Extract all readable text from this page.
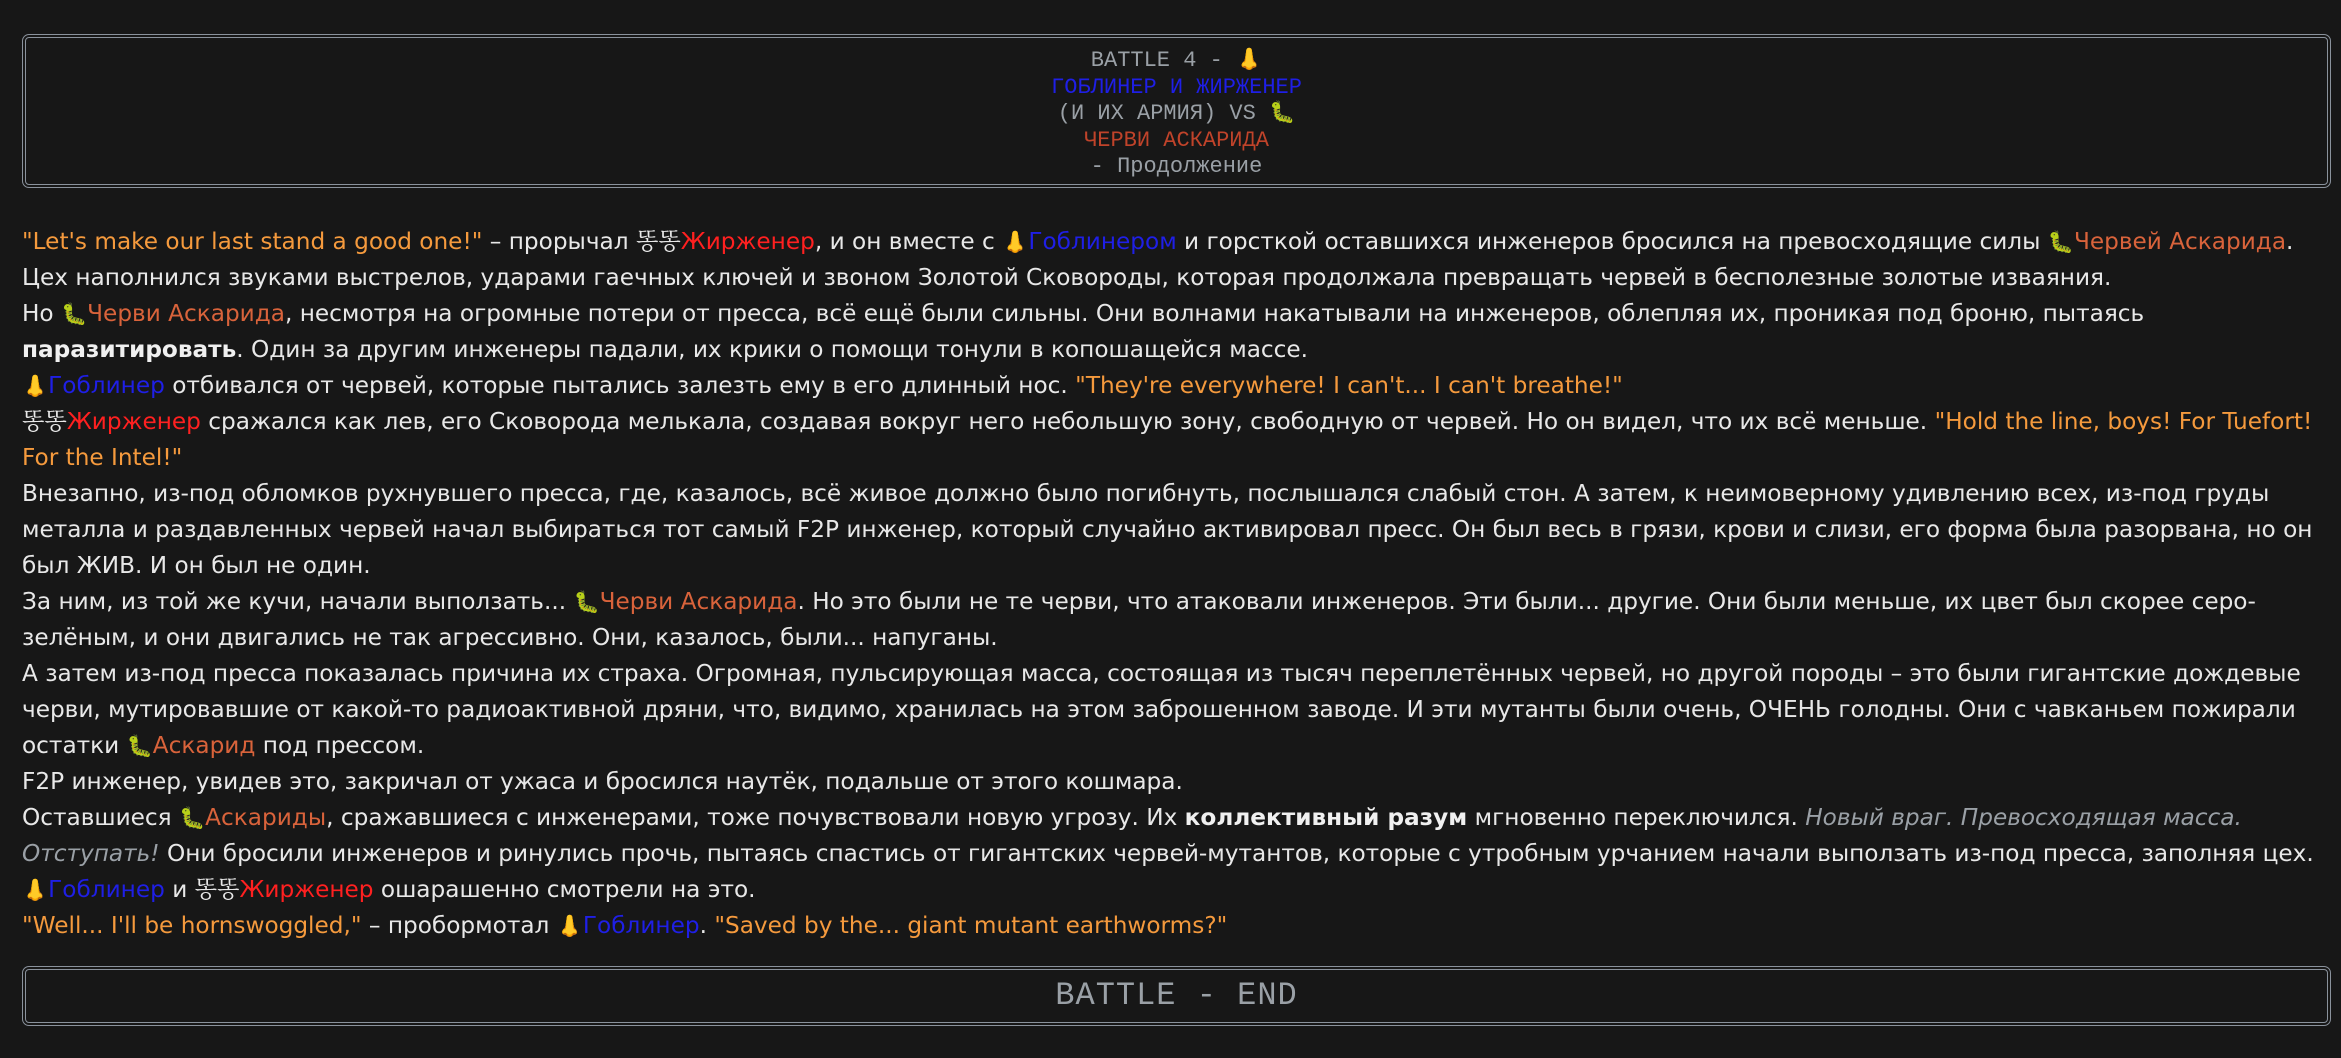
BATTLE 4 - 👃
ГОБЛИНЕР И ЖИРЖЕНЕР
(И ИХ АРМИЯ) VS 🐛
ЧЕРВИ АСКАРИДА
- Продолжение

"Let's make our last stand a good one!" – прорычал 똥똥Жирженер, и он вместе с 👃Гоблинером и горсткой оставшихся инженеров бросился на превосходящие силы 🐛Червей Аскарида. Цех наполнился звуками выстрелов, ударами гаечных ключей и звоном Золотой Сковороды, которая продолжала превращать червей в бесполезные золотые изваяния.

Но 🐛Черви Аскарида, несмотря на огромные потери от пресса, всё ещё были сильны. Они волнами накатывали на инженеров, облепляя их, проникая под броню, пытаясь паразитировать. Один за другим инженеры падали, их крики о помощи тонули в копошащейся массе.

👃Гоблинер отбивался от червей, которые пытались залезть ему в его длинный нос. "They're everywhere! I can't... I can't breathe!"

똥똥Жирженер сражался как лев, его Сковорода мелькала, создавая вокруг него небольшую зону, свободную от червей. Но он видел, что их всё меньше. "Hold the line, boys! For Tuefort! For the Intel!"

Внезапно, из-под обломков рухнувшего пресса, где, казалось, всё живое должно было погибнуть, послышался слабый стон. А затем, к неимоверному удивлению всех, из-под груды металла и раздавленных червей начал выбираться тот самый F2P инженер, который случайно активировал пресс. Он был весь в грязи, крови и слизи, его форма была разорвана, но он был ЖИВ. И он был не один.

За ним, из той же кучи, начали выползать... 🐛Черви Аскарида. Но это были не те черви, что атаковали инженеров. Эти были... другие. Они были меньше, их цвет был скорее серо-зелёным, и они двигались не так агрессивно. Они, казалось, были... напуганы.

А затем из-под пресса показалась причина их страха. Огромная, пульсирующая масса, состоящая из тысяч переплетённых червей, но другой породы – это были гигантские дождевые черви, мутировавшие от какой-то радиоактивной дряни, что, видимо, хранилась на этом заброшенном заводе. И эти мутанты были очень, ОЧЕНЬ голодны. Они с чавканьем пожирали остатки 🐛Аскарид под прессом.

F2P инженер, увидев это, закричал от ужаса и бросился наутёк, подальше от этого кошмара.

Оставшиеся 🐛Аскариды, сражавшиеся с инженерами, тоже почувствовали новую угрозу. Их коллективный разум мгновенно переключился. Новый враг. Превосходящая масса. Отступать! Они бросили инженеров и ринулись прочь, пытаясь спастись от гигантских червей-мутантов, которые с утробным урчанием начали выползать из-под пресса, заполняя цех.

👃Гоблинер и 똥똥Жирженер ошарашенно смотрели на это.

"Well... I'll be hornswoggled," – пробормотал 👃Гоблинер. "Saved by the... giant mutant earthworms?"

BATTLE - END
